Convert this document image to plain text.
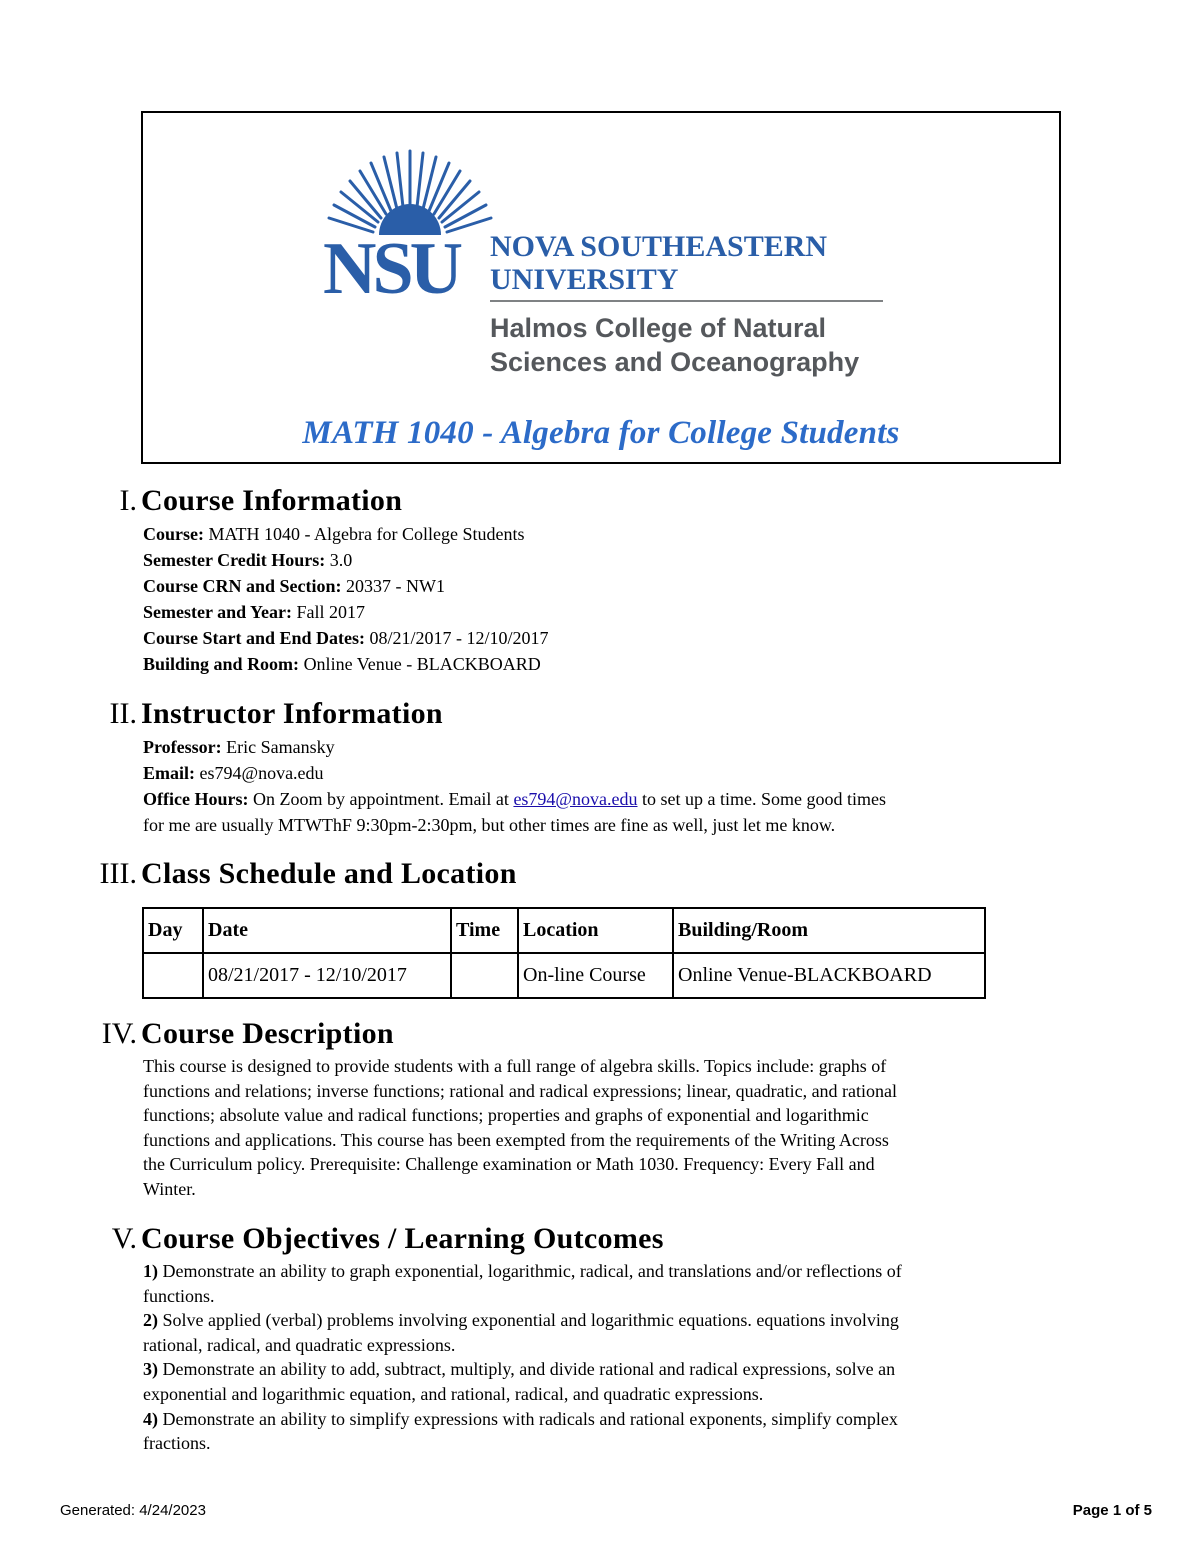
NSU NOVA SOUTHEASTERN
UNIVERSITY
Halmos College of Natural
Sciences and Oceanography
MATH 1040 - Algebra for College Students
I. Course Information
Course: MATH 1040 - Algebra for College Students
Semester Credit Hours: 3.0
Course CRN and Section: 20337 - NW1
Semester and Year: Fall 2017
Course Start and End Dates: 08/21/2017 - 12/10/2017
Building and Room: Online Venue - BLACKBOARD
II. Instructor Information
Professor: Eric Samansky
Email: es794@nova.edu
Office Hours: On Zoom by appointment. Email at es794@nova.edu to set up a time. Some good times
for me are usually MTWThF 9:30pm-2:30pm, but other times are fine as well, just let me know.
III. Class Schedule and Location
Day	Date	Time	Location	Building/Room
	08/21/2017 - 12/10/2017		On-line Course	Online Venue-BLACKBOARD
IV. Course Description
This course is designed to provide students with a full range of algebra skills. Topics include: graphs of
functions and relations; inverse functions; rational and radical expressions; linear, quadratic, and rational
functions; absolute value and radical functions; properties and graphs of exponential and logarithmic
functions and applications. This course has been exempted from the requirements of the Writing Across
the Curriculum policy. Prerequisite: Challenge examination or Math 1030. Frequency: Every Fall and
Winter.
V. Course Objectives / Learning Outcomes
1) Demonstrate an ability to graph exponential, logarithmic, radical, and translations and/or reflections of
functions.
2) Solve applied (verbal) problems involving exponential and logarithmic equations. equations involving
rational, radical, and quadratic expressions.
3) Demonstrate an ability to add, subtract, multiply, and divide rational and radical expressions, solve an
exponential and logarithmic equation, and rational, radical, and quadratic expressions.
4) Demonstrate an ability to simplify expressions with radicals and rational exponents, simplify complex
fractions.
Generated: 4/24/2023	Page 1 of 5
